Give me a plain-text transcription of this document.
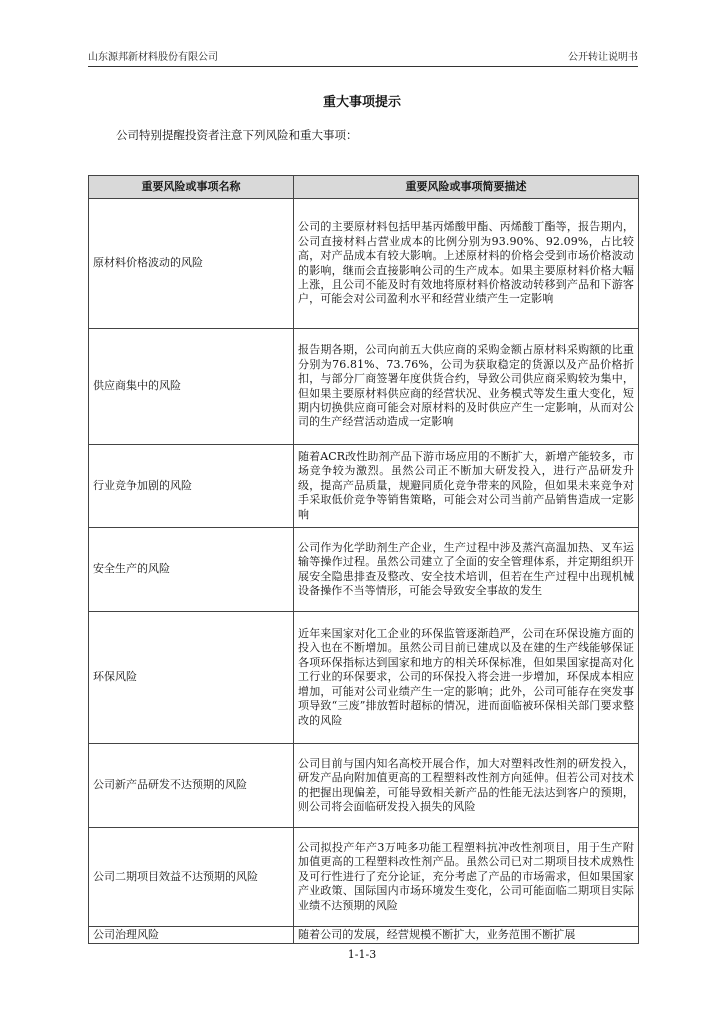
山东源邦新材料股份有限公司	公开转让说明书
重大事项提示
公司特别提醒投资者注意下列风险和重大事项：
重要风险或事项名称	重要风险或事项简要描述
原材料价格波动的风险	公司的主要原材料包括甲基丙烯酸甲酯、丙烯酸丁酯等，报告期内，公司直接材料占营业成本的比例分别为93.90%、92.09%，占比较高，对产品成本有较大影响。上述原材料的价格会受到市场价格波动的影响，继而会直接影响公司的生产成本。如果主要原材料价格大幅上涨，且公司不能及时有效地将原材料价格波动转移到产品和下游客户，可能会对公司盈利水平和经营业绩产生一定影响
供应商集中的风险	报告期各期，公司向前五大供应商的采购金额占原材料采购额的比重分别为76.81%、73.76%，公司为获取稳定的货源以及产品价格折扣，与部分厂商签署年度供货合约，导致公司供应商采购较为集中，但如果主要原材料供应商的经营状况、业务模式等发生重大变化，短期内切换供应商可能会对原材料的及时供应产生一定影响，从而对公司的生产经营活动造成一定影响
行业竞争加剧的风险	随着ACR改性助剂产品下游市场应用的不断扩大，新增产能较多，市场竞争较为激烈。虽然公司正不断加大研发投入，进行产品研发升级，提高产品质量，规避同质化竞争带来的风险，但如果未来竞争对手采取低价竞争等销售策略，可能会对公司当前产品销售造成一定影响
安全生产的风险	公司作为化学助剂生产企业，生产过程中涉及蒸汽高温加热、叉车运输等操作过程。虽然公司建立了全面的安全管理体系，并定期组织开展安全隐患排查及整改、安全技术培训，但若在生产过程中出现机械设备操作不当等情形，可能会导致安全事故的发生
环保风险	近年来国家对化工企业的环保监管逐渐趋严，公司在环保设施方面的投入也在不断增加。虽然公司目前已建成以及在建的生产线能够保证各项环保指标达到国家和地方的相关环保标准，但如果国家提高对化工行业的环保要求，公司的环保投入将会进一步增加，环保成本相应增加，可能对公司业绩产生一定的影响；此外，公司可能存在突发事项导致“三废”排放暂时超标的情况，进而面临被环保相关部门要求整改的风险
公司新产品研发不达预期的风险	公司目前与国内知名高校开展合作，加大对塑料改性剂的研发投入，研发产品向附加值更高的工程塑料改性剂方向延伸。但若公司对技术的把握出现偏差，可能导致相关新产品的性能无法达到客户的预期，则公司将会面临研发投入损失的风险
公司二期项目效益不达预期的风险	公司拟投产年产3万吨多功能工程塑料抗冲改性剂项目，用于生产附加值更高的工程塑料改性剂产品。虽然公司已对二期项目技术成熟性及可行性进行了充分论证，充分考虑了产品的市场需求，但如果国家产业政策、国际国内市场环境发生变化，公司可能面临二期项目实际业绩不达预期的风险
公司治理风险	随着公司的发展，经营规模不断扩大，业务范围不断扩展
1-1-3
